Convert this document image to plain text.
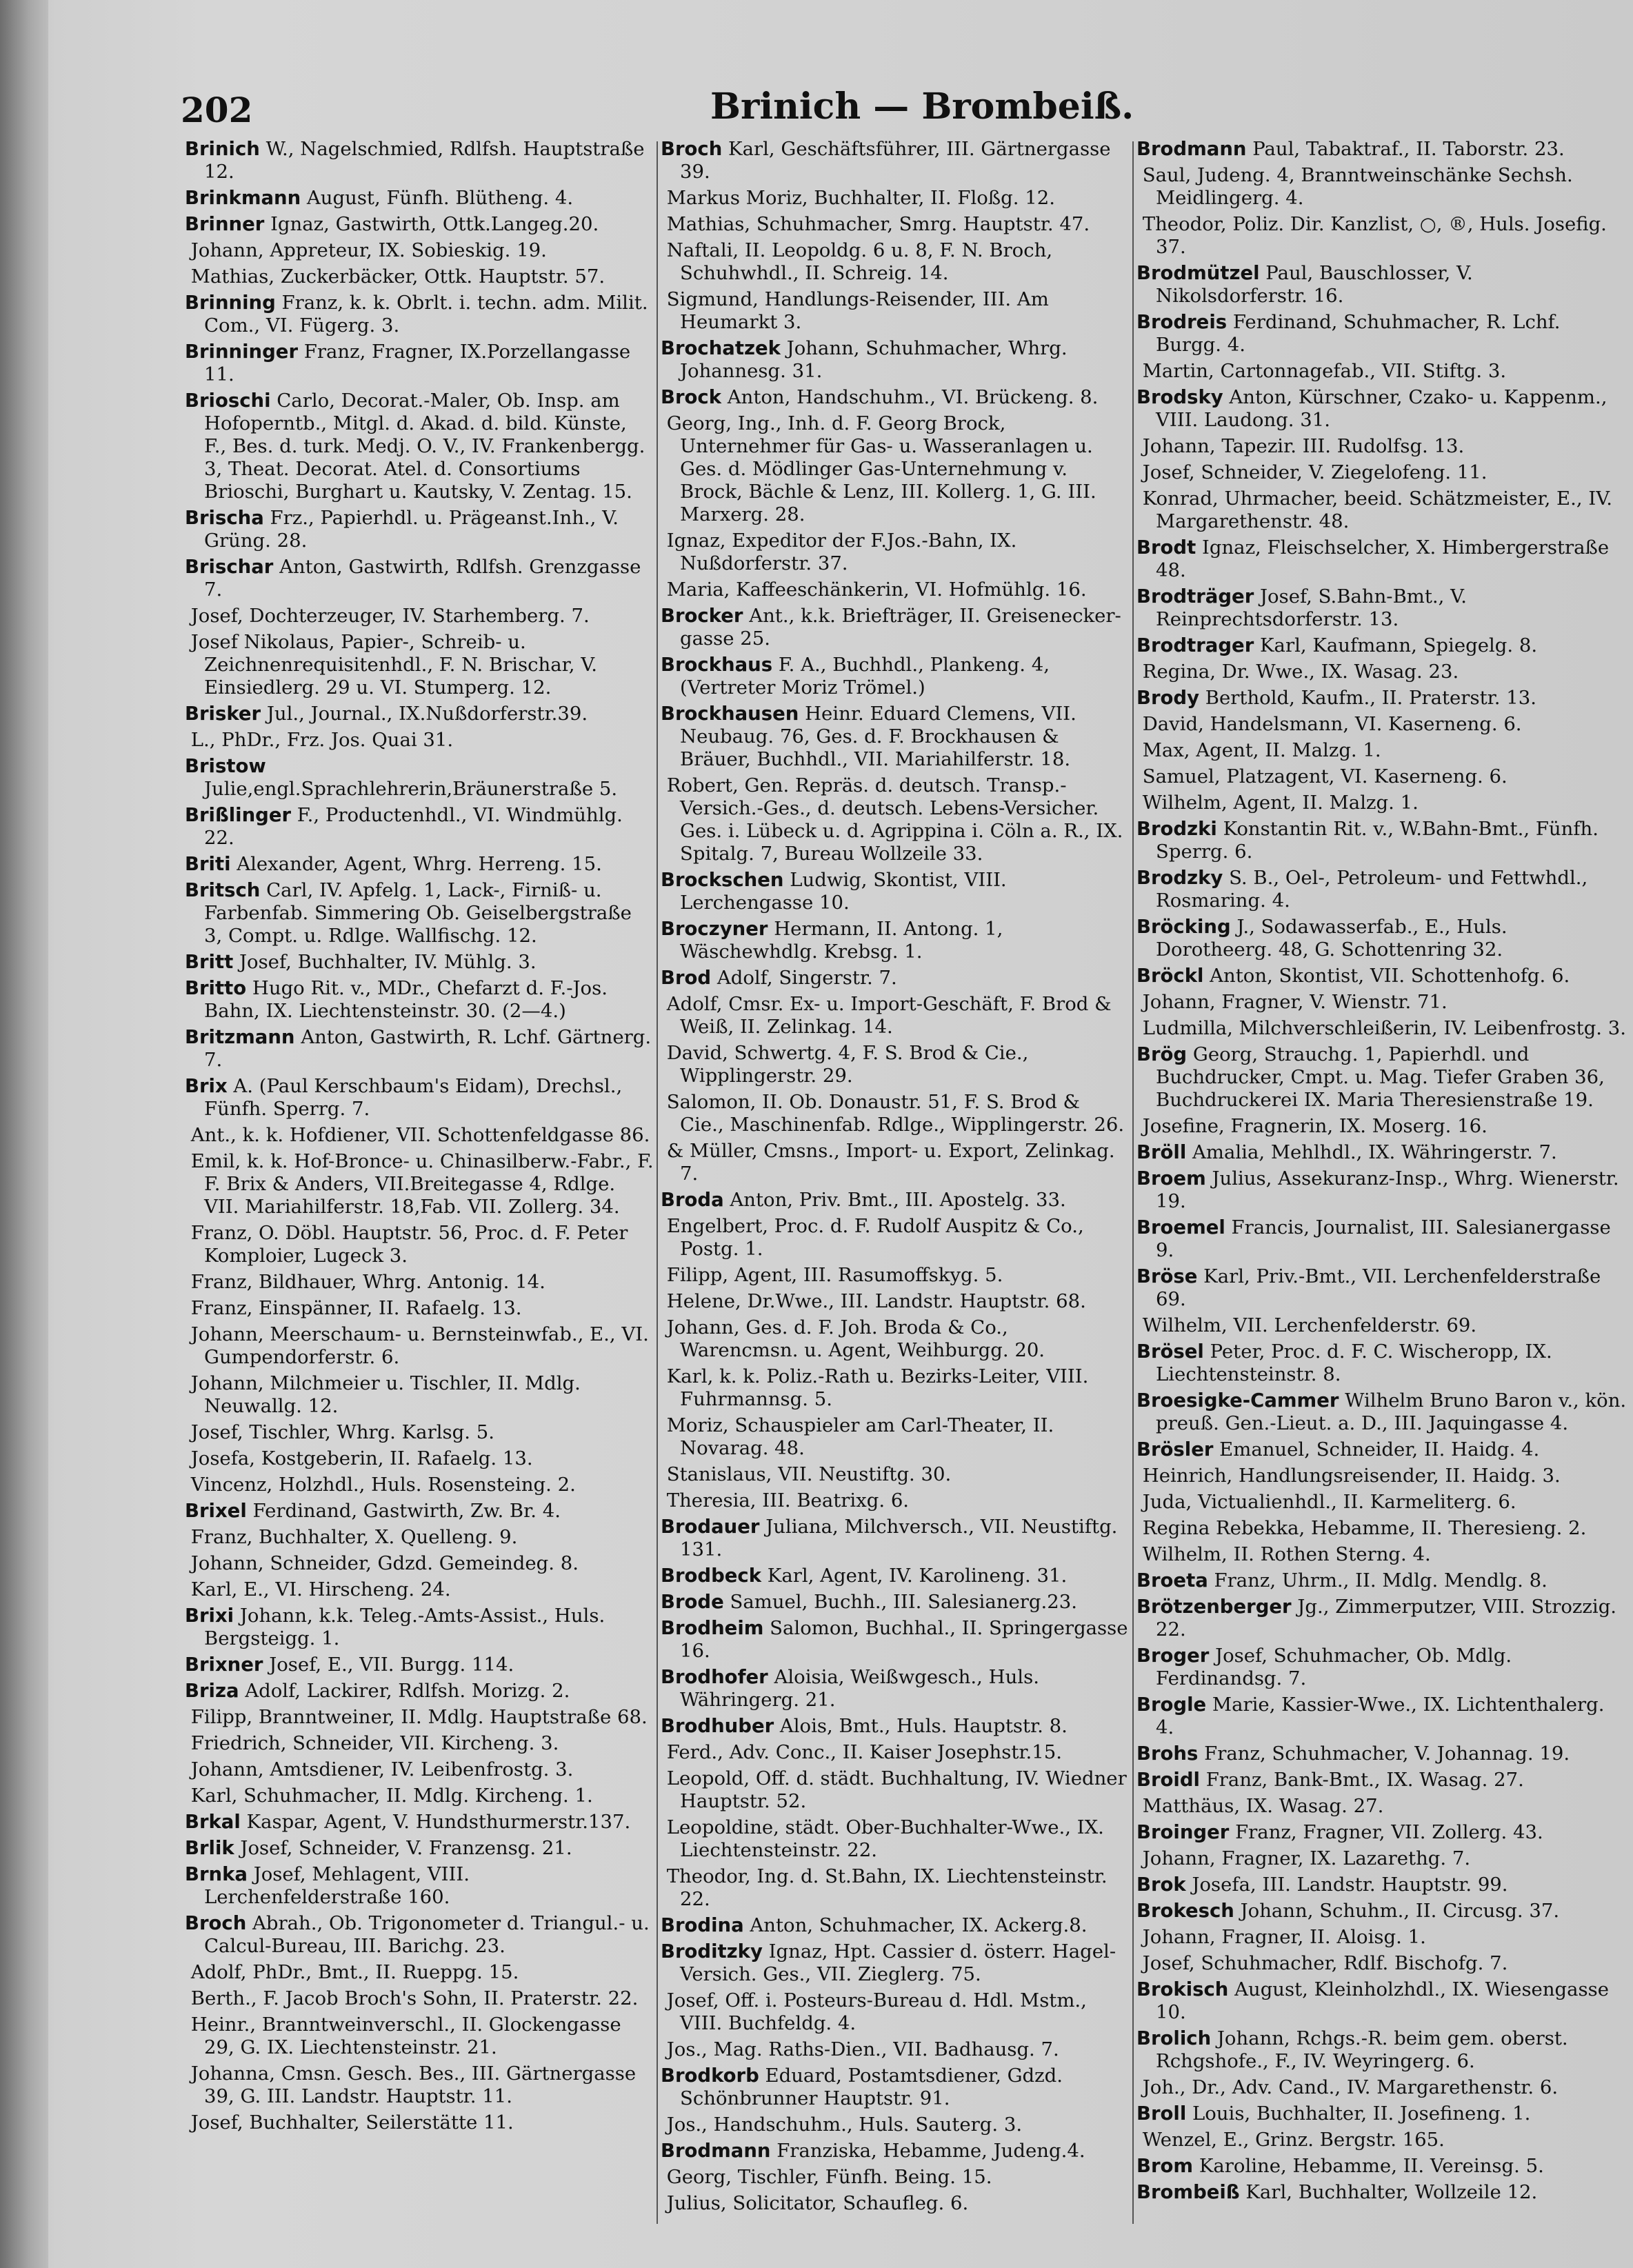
202	Brinich — Brombeiß.
Brinich W., Nagelschmied, Rdlfsh. Hauptstraße 12.
Brinkmann August, Fünfh. Blütheng. 4.
Brinner Ignaz, Gastwirth, Ottk.Langeg.20.
Johann, Appreteur, IX. Sobieskig. 19.
Mathias, Zuckerbäcker, Ottk. Hauptstr. 57.
Brinning Franz, k. k. Obrlt. i. techn. adm. Milit. Com., VI. Fügerg. 3.
Brinninger Franz, Fragner, IX.Porzellangasse 11.
Brioschi Carlo, Decorat.-Maler, Ob. Insp. am Hofoperntb., Mitgl. d. Akad. d. bild. Künste, F., Bes. d. turk. Medj. O. V., IV. Frankenbergg. 3, Theat. Decorat. Atel. d. Consortiums Brioschi, Burghart u. Kautsky, V. Zentag. 15.
Brischa Frz., Papierhdl. u. Prägeanst.Inh., V. Grüng. 28.
Brischar Anton, Gastwirth, Rdlfsh. Grenzgasse 7.
Josef, Dochterzeuger, IV. Starhemberg. 7.
Josef Nikolaus, Papier-, Schreib- u. Zeichnenrequisitenhdl., F. N. Brischar, V. Einsiedlerg. 29 u. VI. Stumperg. 12.
Brisker Jul., Journal., IX.Nußdorferstr.39.
L., PhDr., Frz. Jos. Quai 31.
Bristow Julie,engl.Sprachlehrerin,Bräunerstraße 5.
Brißlinger F., Productenhdl., VI. Windmühlg. 22.
Briti Alexander, Agent, Whrg. Herreng. 15.
Britsch Carl, IV. Apfelg. 1, Lack-, Firniß- u. Farbenfab. Simmering Ob. Geiselbergstraße 3, Compt. u. Rdlge. Wallfischg. 12.
Britt Josef, Buchhalter, IV. Mühlg. 3.
Britto Hugo Rit. v., MDr., Chefarzt d. F.-Jos. Bahn, IX. Liechtensteinstr. 30. (2—4.)
Britzmann Anton, Gastwirth, R. Lchf. Gärtnerg. 7.
Brix A. (Paul Kerschbaum's Eidam), Drechsl., Fünfh. Sperrg. 7.
Ant., k. k. Hofdiener, VII. Schottenfeldgasse 86.
Emil, k. k. Hof-Bronce- u. Chinasilberw.-Fabr., F. F. Brix & Anders, VII.Breitegasse 4, Rdlge. VII. Mariahilferstr. 18,Fab. VII. Zollerg. 34.
Franz, O. Döbl. Hauptstr. 56, Proc. d. F. Peter Komploier, Lugeck 3.
Franz, Bildhauer, Whrg. Antonig. 14.
Franz, Einspänner, II. Rafaelg. 13.
Johann, Meerschaum- u. Bernsteinwfab., E., VI. Gumpendorferstr. 6.
Johann, Milchmeier u. Tischler, II. Mdlg. Neuwallg. 12.
Josef, Tischler, Whrg. Karlsg. 5.
Josefa, Kostgeberin, II. Rafaelg. 13.
Vincenz, Holzhdl., Huls. Rosensteing. 2.
Brixel Ferdinand, Gastwirth, Zw. Br. 4.
Franz, Buchhalter, X. Quelleng. 9.
Johann, Schneider, Gdzd. Gemeindeg. 8.
Karl, E., VI. Hirscheng. 24.
Brixi Johann, k.k. Teleg.-Amts-Assist., Huls. Bergsteigg. 1.
Brixner Josef, E., VII. Burgg. 114.
Briza Adolf, Lackirer, Rdlfsh. Morizg. 2.
Filipp, Branntweiner, II. Mdlg. Hauptstraße 68.
Friedrich, Schneider, VII. Kircheng. 3.
Johann, Amtsdiener, IV. Leibenfrostg. 3.
Karl, Schuhmacher, II. Mdlg. Kircheng. 1.
Brkal Kaspar, Agent, V. Hundsthurmerstr.137.
Brlik Josef, Schneider, V. Franzensg. 21.
Brnka Josef, Mehlagent, VIII. Lerchenfelderstraße 160.
Broch Abrah., Ob. Trigonometer d. Triangul.- u. Calcul-Bureau, III. Barichg. 23.
Adolf, PhDr., Bmt., II. Rueppg. 15.
Berth., F. Jacob Broch's Sohn, II. Praterstr. 22.
Heinr., Branntweinverschl., II. Glockengasse 29, G. IX. Liechtensteinstr. 21.
Johanna, Cmsn. Gesch. Bes., III. Gärtnergasse 39, G. III. Landstr. Hauptstr. 11.
Josef, Buchhalter, Seilerstätte 11.
Broch Karl, Geschäftsführer, III. Gärtnergasse 39.
Markus Moriz, Buchhalter, II. Floßg. 12.
Mathias, Schuhmacher, Smrg. Hauptstr. 47.
Naftali, II. Leopoldg. 6 u. 8, F. N. Broch, Schuhwhdl., II. Schreig. 14.
Sigmund, Handlungs-Reisender, III. Am Heumarkt 3.
Brochatzek Johann, Schuhmacher, Whrg. Johannesg. 31.
Brock Anton, Handschuhm., VI. Brückeng. 8.
Georg, Ing., Inh. d. F. Georg Brock, Unternehmer für Gas- u. Wasseranlagen u. Ges. d. Mödlinger Gas-Unternehmung v. Brock, Bächle & Lenz, III. Kollerg. 1, G. III. Marxerg. 28.
Ignaz, Expeditor der F.Jos.-Bahn, IX. Nußdorferstr. 37.
Maria, Kaffeeschänkerin, VI. Hofmühlg. 16.
Brocker Ant., k.k. Briefträger, II. Greisenecker-gasse 25.
Brockhaus F. A., Buchhdl., Plankeng. 4, (Vertreter Moriz Trömel.)
Brockhausen Heinr. Eduard Clemens, VII. Neubaug. 76, Ges. d. F. Brockhausen & Bräuer, Buchhdl., VII. Mariahilferstr. 18.
Robert, Gen. Repräs. d. deutsch. Transp.-Versich.-Ges., d. deutsch. Lebens-Versicher. Ges. i. Lübeck u. d. Agrippina i. Cöln a. R., IX. Spitalg. 7, Bureau Wollzeile 33.
Brockschen Ludwig, Skontist, VIII. Lerchengasse 10.
Broczyner Hermann, II. Antong. 1, Wäschewhdlg. Krebsg. 1.
Brod Adolf, Singerstr. 7.
Adolf, Cmsr. Ex- u. Import-Geschäft, F. Brod & Weiß, II. Zelinkag. 14.
David, Schwertg. 4, F. S. Brod & Cie., Wipplingerstr. 29.
Salomon, II. Ob. Donaustr. 51, F. S. Brod & Cie., Maschinenfab. Rdlge., Wipplingerstr. 26.
& Müller, Cmsns., Import- u. Export, Zelinkag. 7.
Broda Anton, Priv. Bmt., III. Apostelg. 33.
Engelbert, Proc. d. F. Rudolf Auspitz & Co., Postg. 1.
Filipp, Agent, III. Rasumoffskyg. 5.
Helene, Dr.Wwe., III. Landstr. Hauptstr. 68.
Johann, Ges. d. F. Joh. Broda & Co., Warencmsn. u. Agent, Weihburgg. 20.
Karl, k. k. Poliz.-Rath u. Bezirks-Leiter, VIII. Fuhrmannsg. 5.
Moriz, Schauspieler am Carl-Theater, II. Novarag. 48.
Stanislaus, VII. Neustiftg. 30.
Theresia, III. Beatrixg. 6.
Brodauer Juliana, Milchversch., VII. Neustiftg. 131.
Brodbeck Karl, Agent, IV. Karolineng. 31.
Brode Samuel, Buchh., III. Salesianerg.23.
Brodheim Salomon, Buchhal., II. Springergasse 16.
Brodhofer Aloisia, Weißwgesch., Huls. Währingerg. 21.
Brodhuber Alois, Bmt., Huls. Hauptstr. 8.
Ferd., Adv. Conc., II. Kaiser Josephstr.15.
Leopold, Off. d. städt. Buchhaltung, IV. Wiedner Hauptstr. 52.
Leopoldine, städt. Ober-Buchhalter-Wwe., IX. Liechtensteinstr. 22.
Theodor, Ing. d. St.Bahn, IX. Liechtensteinstr. 22.
Brodina Anton, Schuhmacher, IX. Ackerg.8.
Broditzky Ignaz, Hpt. Cassier d. österr. Hagel-Versich. Ges., VII. Zieglerg. 75.
Josef, Off. i. Posteurs-Bureau d. Hdl. Mstm., VIII. Buchfeldg. 4.
Jos., Mag. Raths-Dien., VII. Badhausg. 7.
Brodkorb Eduard, Postamtsdiener, Gdzd. Schönbrunner Hauptstr. 91.
Jos., Handschuhm., Huls. Sauterg. 3.
Brodmann Franziska, Hebamme, Judeng.4.
Georg, Tischler, Fünfh. Being. 15.
Julius, Solicitator, Schaufleg. 6.
Brodmann Paul, Tabaktraf., II. Taborstr. 23.
Saul, Judeng. 4, Branntweinschänke Sechsh. Meidlingerg. 4.
Theodor, Poliz. Dir. Kanzlist, ○, ®, Huls. Josefig. 37.
Brodmützel Paul, Bauschlosser, V. Nikolsdorferstr. 16.
Brodreis Ferdinand, Schuhmacher, R. Lchf. Burgg. 4.
Martin, Cartonnagefab., VII. Stiftg. 3.
Brodsky Anton, Kürschner, Czako- u. Kappenm., VIII. Laudong. 31.
Johann, Tapezir. III. Rudolfsg. 13.
Josef, Schneider, V. Ziegelofeng. 11.
Konrad, Uhrmacher, beeid. Schätzmeister, E., IV. Margarethenstr. 48.
Brodt Ignaz, Fleischselcher, X. Himbergerstraße 48.
Brodträger Josef, S.Bahn-Bmt., V. Reinprechtsdorferstr. 13.
Brodtrager Karl, Kaufmann, Spiegelg. 8.
Regina, Dr. Wwe., IX. Wasag. 23.
Brody Berthold, Kaufm., II. Praterstr. 13.
David, Handelsmann, VI. Kaserneng. 6.
Max, Agent, II. Malzg. 1.
Samuel, Platzagent, VI. Kaserneng. 6.
Wilhelm, Agent, II. Malzg. 1.
Brodzki Konstantin Rit. v., W.Bahn-Bmt., Fünfh. Sperrg. 6.
Brodzky S. B., Oel-, Petroleum- und Fettwhdl., Rosmaring. 4.
Bröcking J., Sodawasserfab., E., Huls. Dorotheerg. 48, G. Schottenring 32.
Bröckl Anton, Skontist, VII. Schottenhofg. 6.
Johann, Fragner, V. Wienstr. 71.
Ludmilla, Milchverschleißerin, IV. Leibenfrostg. 3.
Brög Georg, Strauchg. 1, Papierhdl. und Buchdrucker, Cmpt. u. Mag. Tiefer Graben 36, Buchdruckerei IX. Maria Theresienstraße 19.
Josefine, Fragnerin, IX. Moserg. 16.
Bröll Amalia, Mehlhdl., IX. Währingerstr. 7.
Broem Julius, Assekuranz-Insp., Whrg. Wienerstr. 19.
Broemel Francis, Journalist, III. Salesianergasse 9.
Bröse Karl, Priv.-Bmt., VII. Lerchenfelderstraße 69.
Wilhelm, VII. Lerchenfelderstr. 69.
Brösel Peter, Proc. d. F. C. Wischeropp, IX. Liechtensteinstr. 8.
Broesigke-Cammer Wilhelm Bruno Baron v., kön. preuß. Gen.-Lieut. a. D., III. Jaquingasse 4.
Brösler Emanuel, Schneider, II. Haidg. 4.
Heinrich, Handlungsreisender, II. Haidg. 3.
Juda, Victualienhdl., II. Karmeliterg. 6.
Regina Rebekka, Hebamme, II. Theresieng. 2.
Wilhelm, II. Rothen Sterng. 4.
Broeta Franz, Uhrm., II. Mdlg. Mendlg. 8.
Brötzenberger Jg., Zimmerputzer, VIII. Strozzig. 22.
Broger Josef, Schuhmacher, Ob. Mdlg. Ferdinandsg. 7.
Brogle Marie, Kassier-Wwe., IX. Lichtenthalerg. 4.
Brohs Franz, Schuhmacher, V. Johannag. 19.
Broidl Franz, Bank-Bmt., IX. Wasag. 27.
Matthäus, IX. Wasag. 27.
Broinger Franz, Fragner, VII. Zollerg. 43.
Johann, Fragner, IX. Lazarethg. 7.
Brok Josefa, III. Landstr. Hauptstr. 99.
Brokesch Johann, Schuhm., II. Circusg. 37.
Johann, Fragner, II. Aloisg. 1.
Josef, Schuhmacher, Rdlf. Bischofg. 7.
Brokisch August, Kleinholzhdl., IX. Wiesengasse 10.
Brolich Johann, Rchgs.-R. beim gem. oberst. Rchgshofe., F., IV. Weyringerg. 6.
Joh., Dr., Adv. Cand., IV. Margarethenstr. 6.
Broll Louis, Buchhalter, II. Josefineng. 1.
Wenzel, E., Grinz. Bergstr. 165.
Brom Karoline, Hebamme, II. Vereinsg. 5.
Brombeiß Karl, Buchhalter, Wollzeile 12.
